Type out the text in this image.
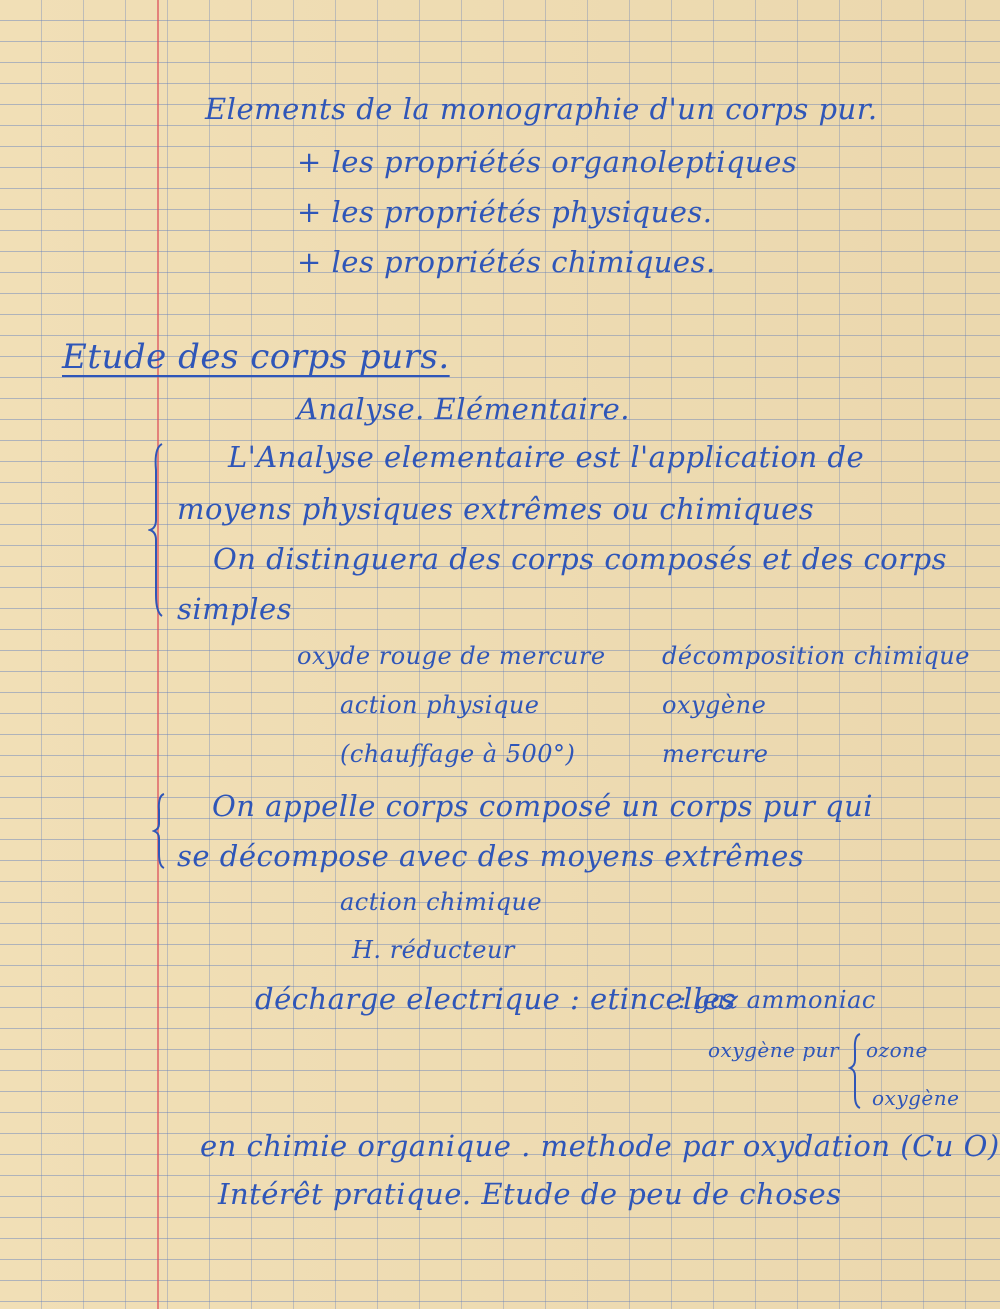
Elements de la monographie d'un corps pur.

+ les propriétés organoleptiques

+ les propriétés physiques.

+ les propriétés chimiques.

Etude des corps purs.

Analyse. Elémentaire.

L'Analyse elementaire est l'application de

moyens physiques extrêmes ou chimiques

On distinguera des corps composés et des corps

simples

oxyde rouge de mercure décomposition chimique

action physique	oxygène

(chauffage à 500°)	mercure

On appelle corps composé un corps pur qui

se décompose avec des moyens extrêmes

action chimique

H. réducteur

décharge electrique : etincelles

: gaz ammoniac

oxygène pur ozone

oxygène

en chimie organique . methode par oxydation (Cu O)

Intérêt pratique. Etude de peu de choses
